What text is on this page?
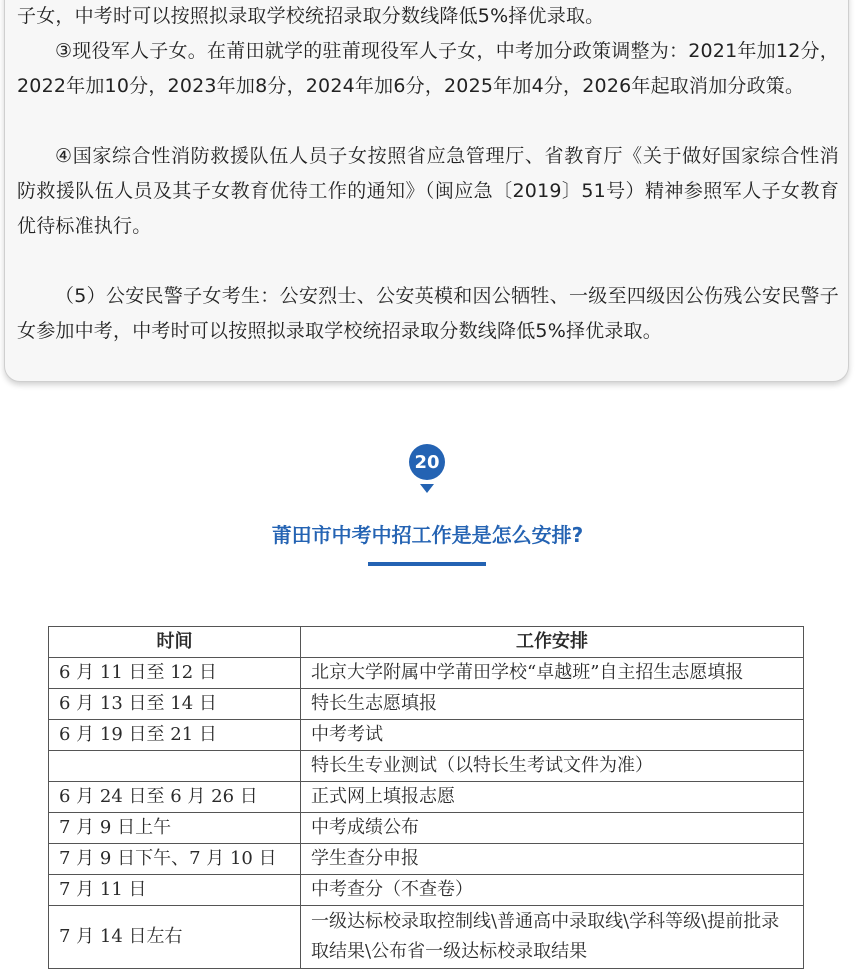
子女，中考时可以按照拟录取学校统招录取分数线降低5%择优录取。

③现役军人子女。在莆田就学的驻莆现役军人子女，中考加分政策调整为：2021年加12分，2022年加10分，2023年加8分，2024年加6分，2025年加4分，2026年起取消加分政策。

④国家综合性消防救援队伍人员子女按照省应急管理厅、省教育厅《关于做好国家综合性消防救援队伍人员及其子女教育优待工作的通知》（闽应急〔2019〕51号）精神参照军人子女教育优待标准执行。

（5）公安民警子女考生：公安烈士、公安英模和因公牺牲、一级至四级因公伤残公安民警子女参加中考，中考时可以按照拟录取学校统招录取分数线降低5%择优录取。

20
莆田市中考中招工作是是怎么安排?
时间	工作安排
6 月 11 日至 12 日	北京大学附属中学莆田学校“卓越班”自主招生志愿填报
6 月 13 日至 14 日	特长生志愿填报
6 月 19 日至 21 日	中考考试
	特长生专业测试（以特长生考试文件为准）
6 月 24 日至 6 月 26 日	正式网上填报志愿
7 月 9 日上午	中考成绩公布
7 月 9 日下午、7 月 10 日	学生查分申报
7 月 11 日	中考查分（不查卷）
7 月 14 日左右	一级达标校录取控制线\普通高中录取线\学科等级\提前批录取结果\公布省一级达标校录取结果
